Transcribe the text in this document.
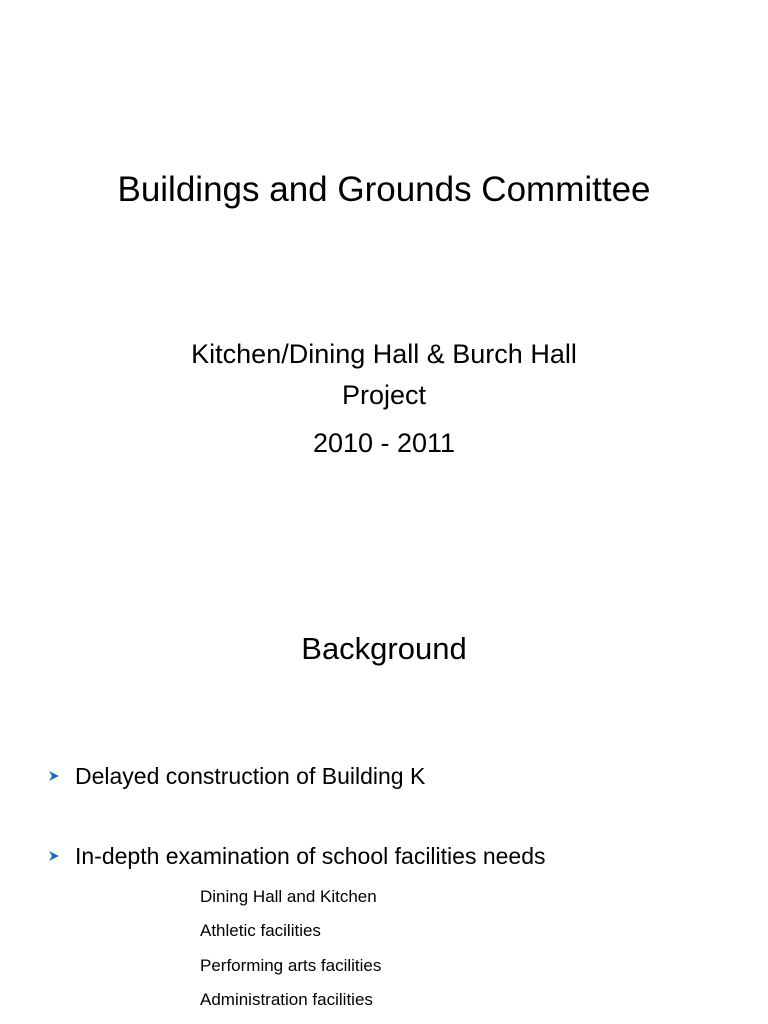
Buildings and Grounds Committee
Kitchen/Dining Hall & Burch Hall
Project
2010 - 2011
Background
Delayed construction of Building K
In-depth examination of school facilities needs
Dining Hall and Kitchen
Athletic facilities
Performing arts facilities
Administration facilities
